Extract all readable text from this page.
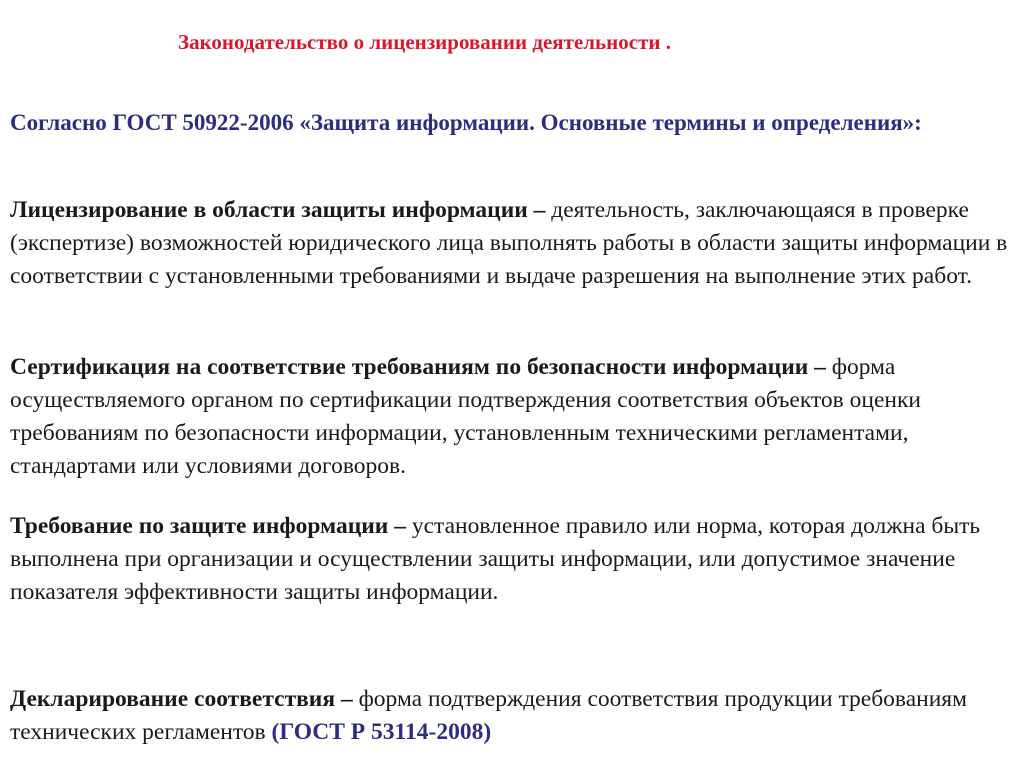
Законодательство о лицензировании деятельности .
Согласно ГОСТ 50922-2006 «Защита информации. Основные термины и определения»:
Лицензирование в области защиты информации – деятельность, заключающаяся в проверке (экспертизе) возможностей юридического лица выполнять работы в области защиты информации в соответствии с установленными требованиями и выдаче разрешения на выполнение этих работ.
Сертификация на соответствие требованиям по безопасности информации – форма осуществляемого органом по сертификации подтверждения соответствия объектов оценки требованиям по безопасности информации, установленным техническими регламентами, стандартами или условиями договоров.
Требование по защите информации – установленное правило или норма, которая должна быть выполнена при организации и осуществлении защиты информации, или допустимое значение показателя эффективности защиты информации.
Декларирование соответствия – форма подтверждения соответствия продукции требованиям технических регламентов (ГОСТ Р 53114-2008)
